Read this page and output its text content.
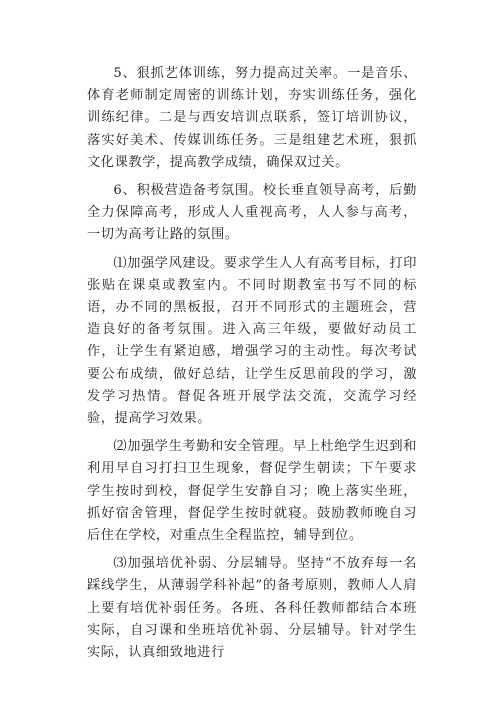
5、狠抓艺体训练，努力提高过关率。一是音乐、体育老师制定周密的训练计划，夯实训练任务，强化训练纪律。二是与西安培训点联系，签订培训协议，落实好美术、传媒训练任务。三是组建艺术班，狠抓文化课教学，提高教学成绩，确保双过关。

6、积极营造备考氛围。校长垂直领导高考，后勤全力保障高考，形成人人重视高考，人人参与高考，一切为高考让路的氛围。

⑴加强学风建设。要求学生人人有高考目标，打印张贴在课桌或教室内。不同时期教室书写不同的标语，办不同的黑板报，召开不同形式的主题班会，营造良好的备考氛围。进入高三年级，要做好动员工作，让学生有紧迫感，增强学习的主动性。每次考试要公布成绩，做好总结，让学生反思前段的学习，激发学习热情。督促各班开展学法交流，交流学习经验，提高学习效果。

⑵加强学生考勤和安全管理。早上杜绝学生迟到和利用早自习打扫卫生现象，督促学生朝读；下午要求学生按时到校，督促学生安静自习；晚上落实坐班，抓好宿舍管理，督促学生按时就寝。鼓励教师晚自习后住在学校，对重点生全程监控，辅导到位。

⑶加强培优补弱、分层辅导。坚持“不放弃每一名踩线学生，从薄弱学科补起”的备考原则，教师人人肩上要有培优补弱任务。各班、各科任教师都结合本班实际，自习课和坐班培优补弱、分层辅导。针对学生实际，认真细致地进行
